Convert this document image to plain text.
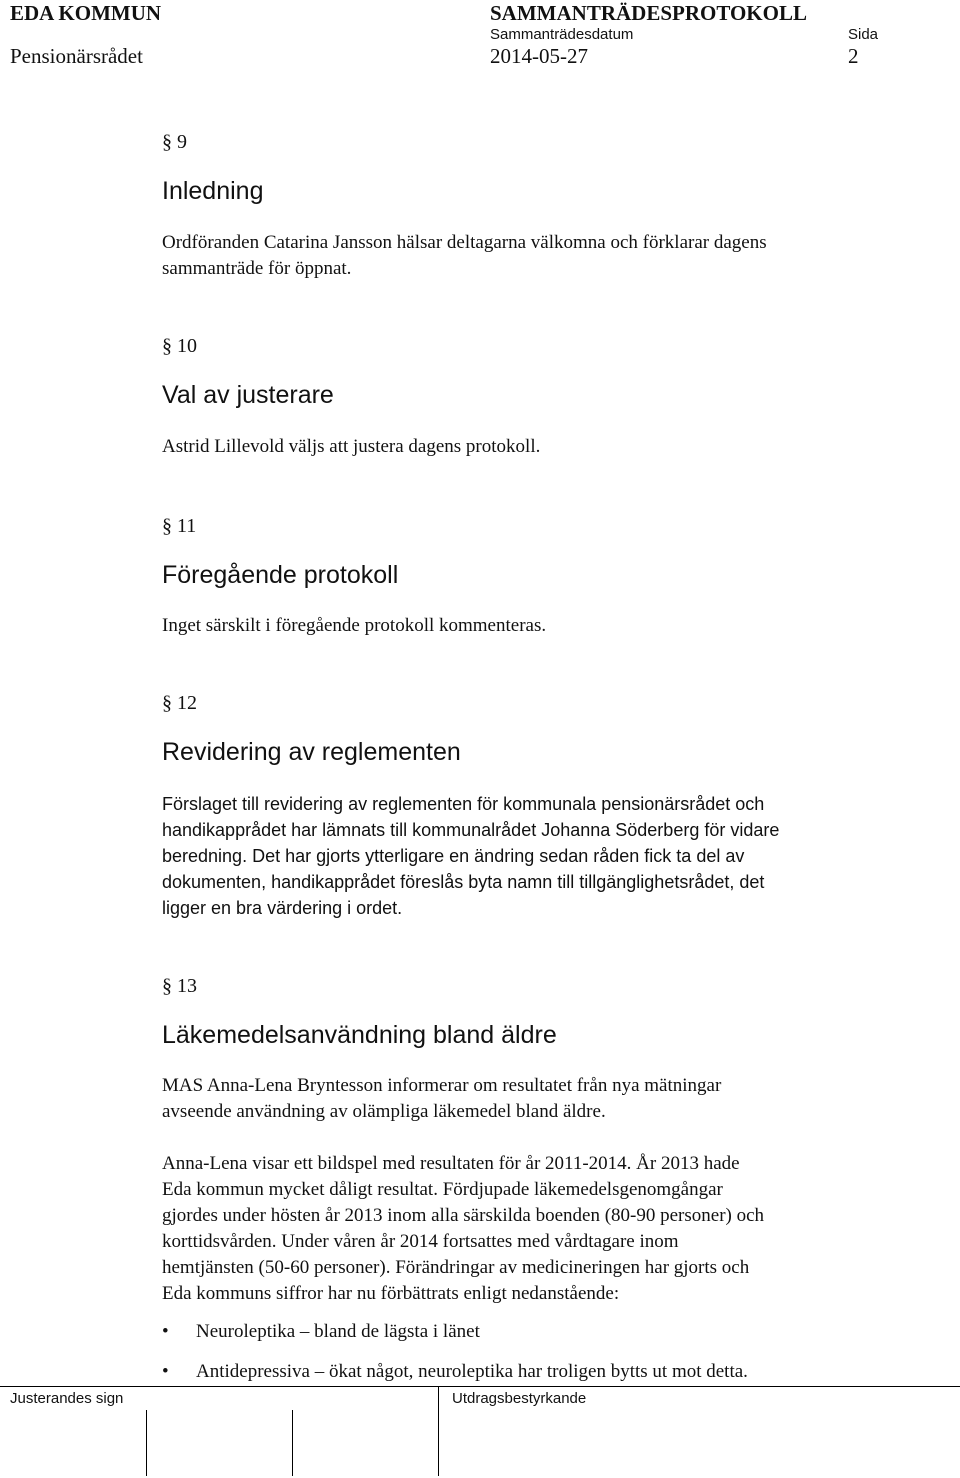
EDA KOMMUN	SAMMANTRÄDESPROTOKOLL
Sammanträdesdatum	Sida
Pensionärsrådet	2014-05-27	2
§ 9
Inledning
Ordföranden Catarina Jansson hälsar deltagarna välkomna och förklarar dagens
sammanträde för öppnat.
§ 10
Val av justerare
Astrid Lillevold väljs att justera dagens protokoll.
§ 11
Föregående protokoll
Inget särskilt i föregående protokoll kommenteras.
§ 12
Revidering av reglementen
Förslaget till revidering av reglementen för kommunala pensionärsrådet och
handikapprådet har lämnats till kommunalrådet Johanna Söderberg för vidare
beredning. Det har gjorts ytterligare en ändring sedan råden fick ta del av
dokumenten, handikapprådet föreslås byta namn till tillgänglighetsrådet, det
ligger en bra värdering i ordet.
§ 13
Läkemedelsanvändning bland äldre
MAS Anna-Lena Bryntesson informerar om resultatet från nya mätningar
avseende användning av olämpliga läkemedel bland äldre.
Anna-Lena visar ett bildspel med resultaten för år 2011-2014. År 2013 hade
Eda kommun mycket dåligt resultat. Fördjupade läkemedelsgenomgångar
gjordes under hösten år 2013 inom alla särskilda boenden (80-90 personer) och
korttidsvården. Under våren år 2014 fortsattes med vårdtagare inom
hemtjänsten (50-60 personer). Förändringar av medicineringen har gjorts och
Eda kommuns siffror har nu förbättrats enligt nedanstående:
• Neuroleptika – bland de lägsta i länet
• Antidepressiva – ökat något, neuroleptika har troligen bytts ut mot detta.
Justerandes sign	Utdragsbestyrkande
